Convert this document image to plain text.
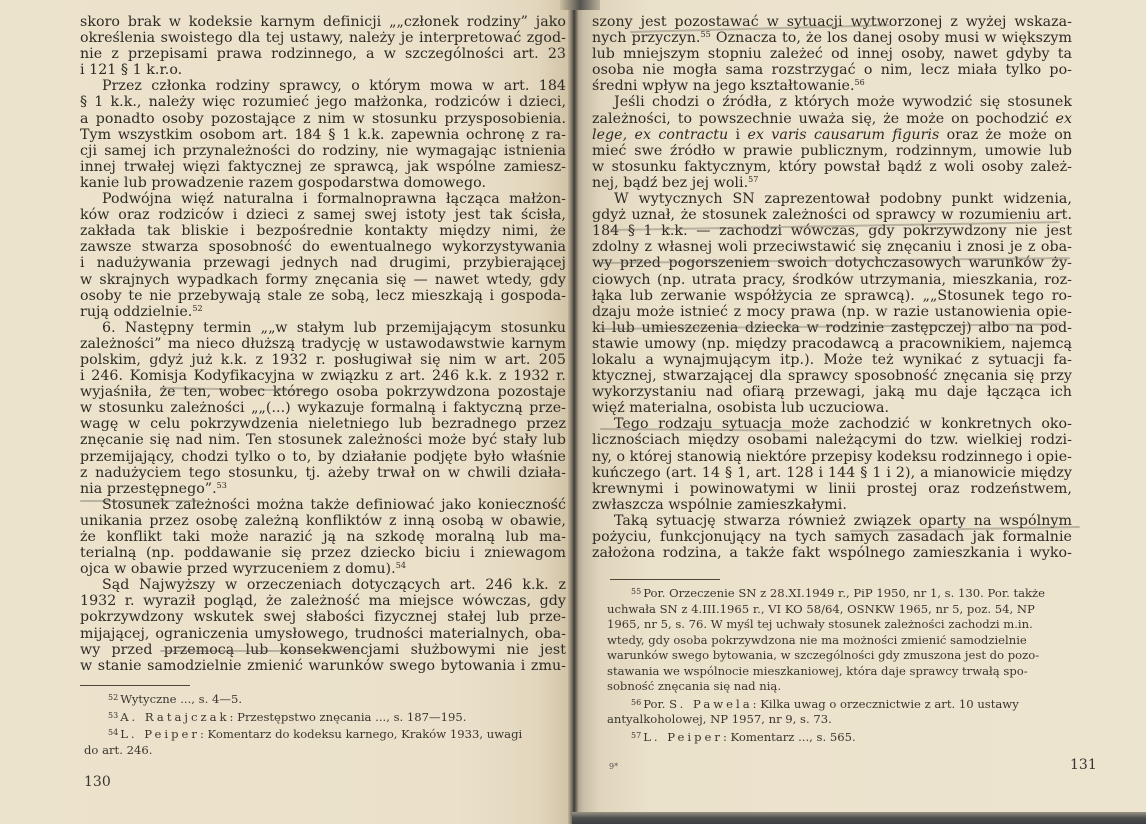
skoro brak w kodeksie karnym definicji „„członek rodziny” jako
określenia swoistego dla tej ustawy, należy je interpretować zgod-
nie z przepisami prawa rodzinnego, a w szczególności art. 23
i 121 § 1 k.r.o.
Przez członka rodziny sprawcy, o którym mowa w art. 184
§ 1 k.k., należy więc rozumieć jego małżonka, rodziców i dzieci,
a ponadto osoby pozostające z nim w stosunku przysposobienia.
Tym wszystkim osobom art. 184 § 1 k.k. zapewnia ochronę z ra-
cji samej ich przynależności do rodziny, nie wymagając istnienia
innej trwałej więzi faktycznej ze sprawcą, jak wspólne zamiesz-
kanie lub prowadzenie razem gospodarstwa domowego.
Podwójna więź naturalna i formalnoprawna łącząca małżon-
ków oraz rodziców i dzieci z samej swej istoty jest tak ścisła,
zakłada tak bliskie i bezpośrednie kontakty między nimi, że
zawsze stwarza sposobność do ewentualnego wykorzystywania
i nadużywania przewagi jednych nad drugimi, przybierającej
w skrajnych wypadkach formy znęcania się — nawet wtedy, gdy
osoby te nie przebywają stale ze sobą, lecz mieszkają i gospoda-
rują oddzielnie.$^{52}$
6. Następny termin „„w stałym lub przemijającym stosunku
zależności” ma nieco dłuższą tradycję w ustawodawstwie karnym
polskim, gdyż już k.k. z 1932 r. posługiwał się nim w art. 205
i 246. Komisja Kodyfikacyjna w związku z art. 246 k.k. z 1932 r.
wyjaśniła, że ten, wobec którego osoba pokrzywdzona pozostaje
w stosunku zależności „„(...) wykazuje formalną i faktyczną prze-
wagę w celu pokrzywdzenia nieletniego lub bezradnego przez
znęcanie się nad nim. Ten stosunek zależności może być stały lub
przemijający, chodzi tylko o to, by działanie podjęte było właśnie
z nadużyciem tego stosunku, tj. ażeby trwał on w chwili działa-
nia przestępnego”.$^{53}$
Stosunek zależności można także definiować jako konieczność
unikania przez osobę zależną konfliktów z inną osobą w obawie,
że konflikt taki może narazić ją na szkodę moralną lub ma-
terialną (np. poddawanie się przez dziecko biciu i zniewagom
ojca w obawie przed wyrzuceniem z domu).$^{54}$
Sąd Najwyższy w orzeczeniach dotyczących art. 246 k.k. z
1932 r. wyraził pogląd, że zależność ma miejsce wówczas, gdy
pokrzywdzony wskutek swej słabości fizycznej stałej lub prze-
mijającej, ograniczenia umysłowego, trudności materialnych, oba-
wy przed przemocą lub konsekwencjami służbowymi nie jest
w stanie samodzielnie zmienić warunków swego bytowania i zmu-
$^{52}$ Wytyczne ..., s. 4—5.
$^{53}$ A. Ratajczak: Przestępstwo znęcania ..., s. 187—195.
$^{54}$ L. Peiper: Komentarz do kodeksu karnego, Kraków 1933, uwagi
do art. 246.
130
szony jest pozostawać w sytuacji wytworzonej z wyżej wskaza-
nych przyczyn.$^{55}$ Oznacza to, że los danej osoby musi w większym
lub mniejszym stopniu zależeć od innej osoby, nawet gdyby ta
osoba nie mogła sama rozstrzygać o nim, lecz miała tylko po-
średni wpływ na jego kształtowanie.$^{56}$
Jeśli chodzi o źródła, z których może wywodzić się stosunek
zależności, to powszechnie uważa się, że może on pochodzić ex
lege, ex contractu i ex varis causarum figuris oraz że może on
mieć swe źródło w prawie publicznym, rodzinnym, umowie lub
w stosunku faktycznym, który powstał bądź z woli osoby zależ-
nej, bądź bez jej woli.$^{57}$
W wytycznych SN zaprezentował podobny punkt widzenia,
gdyż uznał, że stosunek zależności od sprawcy w rozumieniu art.
184 § 1 k.k. — zachodzi wówczas, gdy pokrzywdzony nie jest
zdolny z własnej woli przeciwstawić się znęcaniu i znosi je z oba-
wy przed pogorszeniem swoich dotychczasowych warunków ży-
ciowych (np. utrata pracy, środków utrzymania, mieszkania, roz-
łąka lub zerwanie współżycia ze sprawcą). „„Stosunek tego ro-
dzaju może istnieć z mocy prawa (np. w razie ustanowienia opie-
ki lub umieszczenia dziecka w rodzinie zastępczej) albo na pod-
stawie umowy (np. między pracodawcą a pracownikiem, najemcą
lokalu a wynajmującym itp.). Może też wynikać z sytuacji fa-
ktycznej, stwarzającej dla sprawcy sposobność znęcania się przy
wykorzystaniu nad ofiarą przewagi, jaką mu daje łącząca ich
więź materialna, osobista lub uczuciowa.
Tego rodzaju sytuacja może zachodzić w konkretnych oko-
licznościach między osobami należącymi do tzw. wielkiej rodzi-
ny, o której stanowią niektóre przepisy kodeksu rodzinnego i opie-
kuńczego (art. 14 § 1, art. 128 i 144 § 1 i 2), a mianowicie między
krewnymi i powinowatymi w linii prostej oraz rodzeństwem,
zwłaszcza wspólnie zamieszkałymi.
Taką sytuację stwarza również związek oparty na wspólnym
pożyciu, funkcjonujący na tych samych zasadach jak formalnie
założona rodzina, a także fakt wspólnego zamieszkania i wyko-
$^{55}$ Por. Orzeczenie SN z 28.XI.1949 r., PiP 1950, nr 1, s. 130. Por. także
uchwała SN z 4.III.1965 r., VI KO 58/64, OSNKW 1965, nr 5, poz. 54, NP
1965, nr 5, s. 76. W myśl tej uchwały stosunek zależności zachodzi m.in.
wtedy, gdy osoba pokrzywdzona nie ma możności zmienić samodzielnie
warunków swego bytowania, w szczególności gdy zmuszona jest do pozo-
stawania we wspólnocie mieszkaniowej, która daje sprawcy trwałą spo-
sobność znęcania się nad nią.
$^{56}$ Por. S. Pawela: Kilka uwag o orzecznictwie z art. 10 ustawy
antyalkoholowej, NP 1957, nr 9, s. 73.
$^{57}$ L. Peiper: Komentarz ..., s. 565.
9*	131
